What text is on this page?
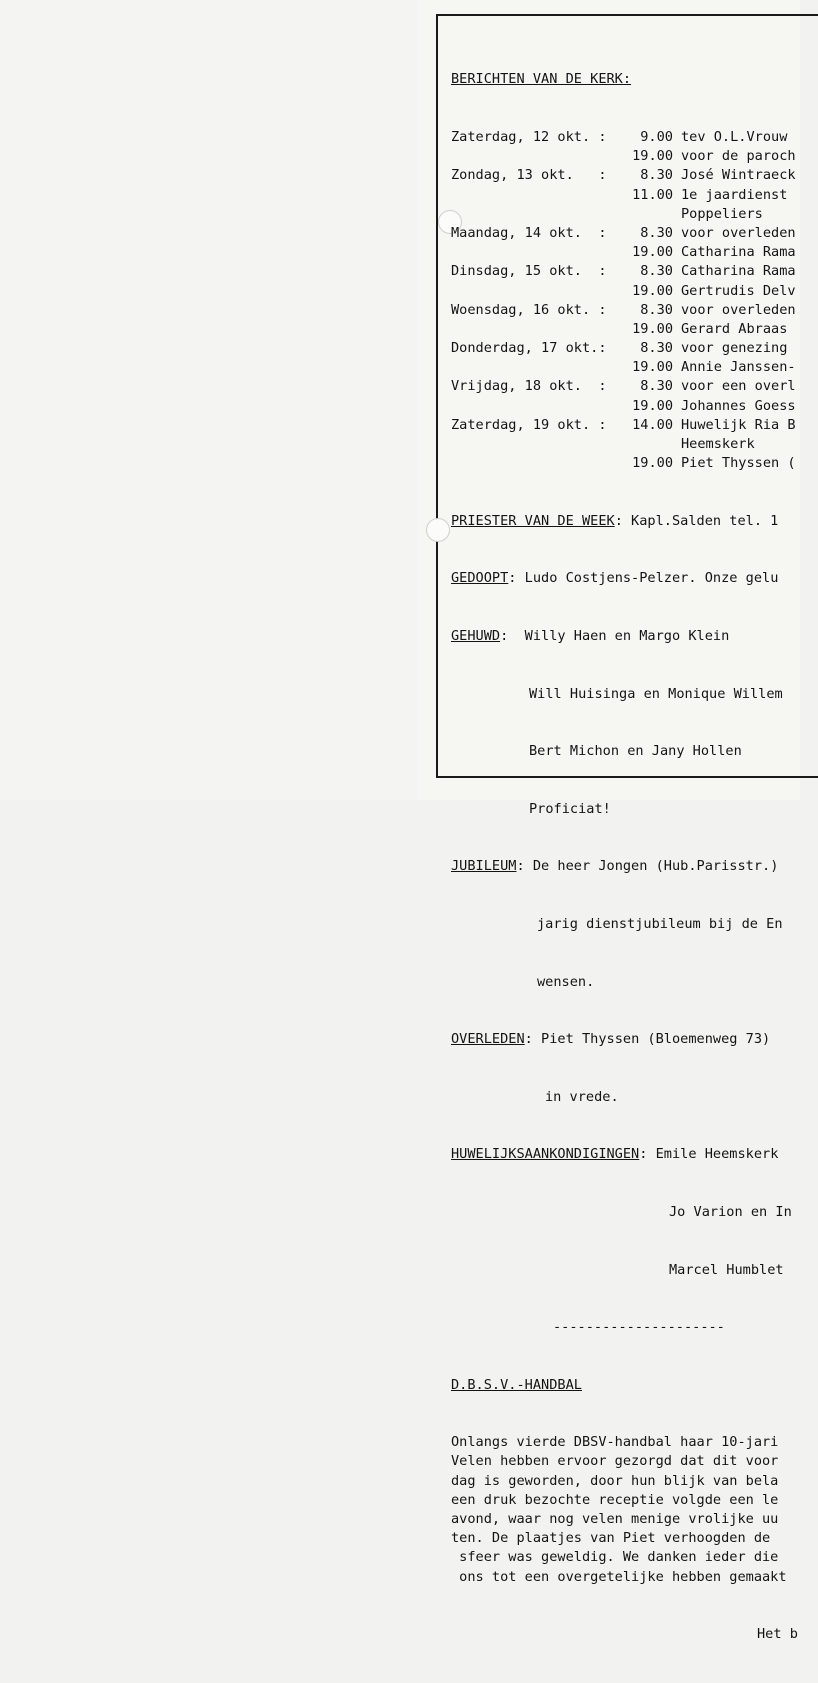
BERICHTEN VAN DE KERK:

Zaterdag, 12 okt. : 9.00 tev O.L.Vrouw
19.00 voor de paroch
Zondag, 13 okt.   : 8.30 José Wintraeck
11.00 1e jaardienst
Poppeliers
Maandag, 14 okt.  : 8.30 voor overleden
19.00 Catharina Rama
Dinsdag, 15 okt.  : 8.30 Catharina Rama
19.00 Gertrudis Delv
Woensdag, 16 okt. : 8.30 voor overleden
19.00 Gerard Abraas
Donderdag, 17 okt.: 8.30 voor genezing
19.00 Annie Janssen-
Vrijdag, 18 okt.  : 8.30 voor een overl
19.00 Johannes Goess
Zaterdag, 19 okt. : 14.00 Huwelijk Ria B
Heemskerk
19.00 Piet Thyssen (

PRIESTER VAN DE WEEK: Kapl.Salden tel. 1

GEDOOPT: Ludo Costjens-Pelzer. Onze gelu

GEHUWD:  Willy Haen en Margo Klein

Will Huisinga en Monique Willem

Bert Michon en Jany Hollen

Proficiat!

JUBILEUM: De heer Jongen (Hub.Parisstr.)

jarig dienstjubileum bij de En

wensen.

OVERLEDEN: Piet Thyssen (Bloemenweg 73)

in vrede.

HUWELIJKSAANKONDIGINGEN: Emile Heemskerk

Jo Varion en In

Marcel Humblet

---------------------

D.B.S.V.-HANDBAL

Onlangs vierde DBSV-handbal haar 10-jari
Velen hebben ervoor gezorgd dat dit voor
dag is geworden, door hun blijk van bela
een druk bezochte receptie volgde een le
avond, waar nog velen menige vrolijke uu
ten. De plaatjes van Piet verhoogden de
sfeer was geweldig. We danken ieder die
ons tot een overgetelijke hebben gemaakt

Het b
